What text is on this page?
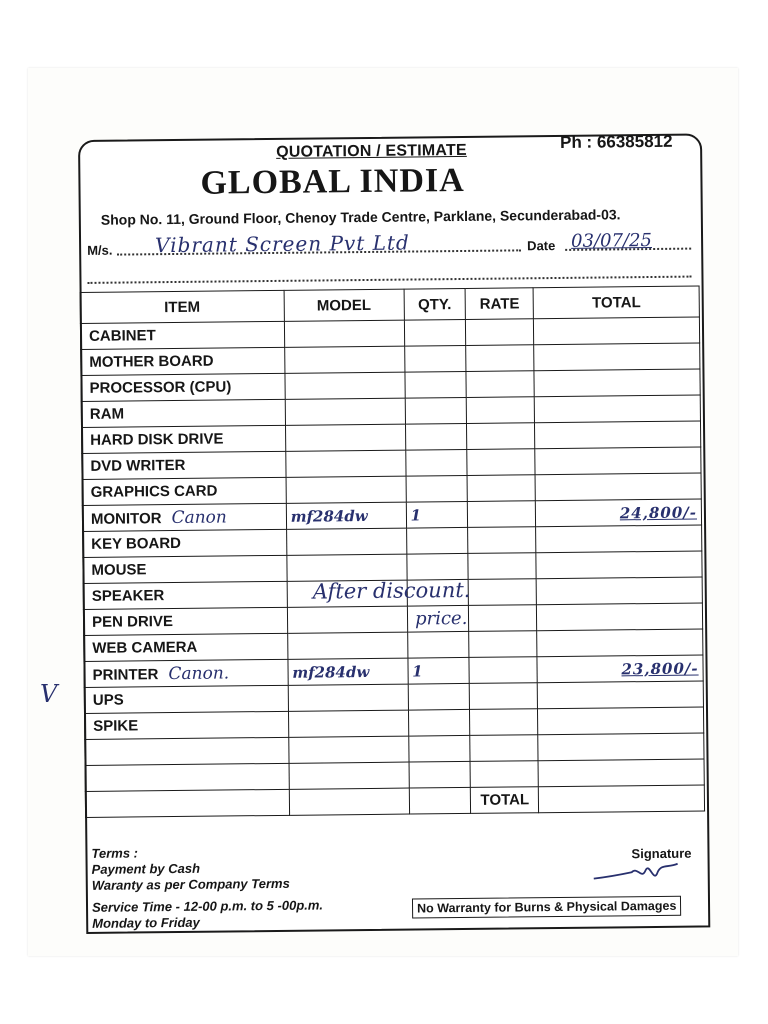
V
QUOTATION / ESTIMATE	Ph : 66385812
GLOBAL INDIA
Shop No. 11, Ground Floor, Chenoy Trade Centre, Parklane, Secunderabad-03.
M/s. Vibrant Screen Pvt Ltd	Date 03/07/25
ITEM	MODEL	QTY.	RATE	TOTAL
CABINET				
MOTHER BOARD				
PROCESSOR (CPU)				
RAM				
HARD DISK DRIVE				
DVD WRITER				
GRAPHICS CARD				
MONITOR Canon	mf284dw	1		24,800/-
KEY BOARD				
MOUSE				
SPEAKER				
PEN DRIVE				
WEB CAMERA				
PRINTER Canon.	mf284dw	1		23,800/-
UPS				
SPIKE				

			TOTAL	
After discount.
price.
Terms :
Payment by Cash
Waranty as per Company Terms
Service Time - 12-00 p.m. to 5 -00p.m.
Monday to Friday
Signature
No Warranty for Burns & Physical Damages
